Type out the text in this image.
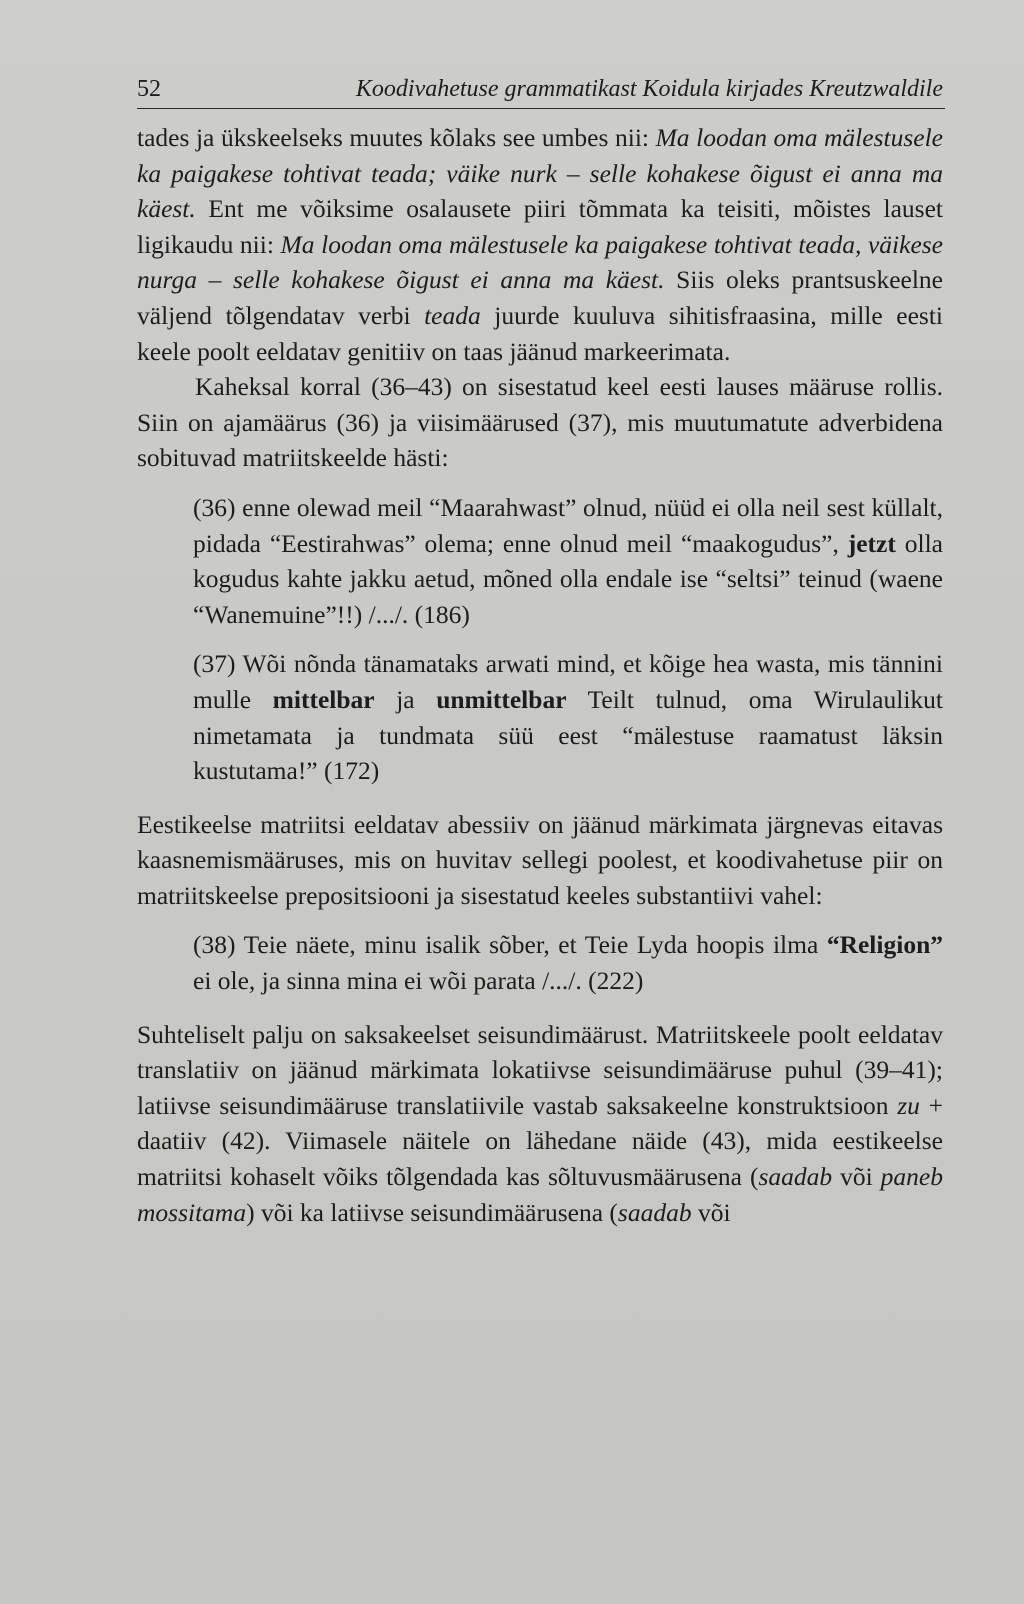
52	Koodivahetuse grammatikast Koidula kirjades Kreutzwaldile

tades ja ükskeelseks muutes kõlaks see umbes nii: Ma loodan oma mälestusele ka paigakese tohtivat teada; väike nurk – selle kohakese õigust ei anna ma käest. Ent me võiksime osalausete piiri tõmmata ka teisiti, mõistes lauset ligikaudu nii: Ma loodan oma mälestusele ka paigakese tohtivat teada, väikese nurga – selle kohakese õigust ei anna ma käest. Siis oleks prantsuskeelne väljend tõlgendatav verbi teada juurde kuuluva sihitisfraasina, mille eesti keele poolt eeldatav genitiiv on taas jäänud markeerimata.

Kaheksal korral (36–43) on sisestatud keel eesti lauses määruse rollis. Siin on ajamäärus (36) ja viisimäärused (37), mis muutumatute adverbidena sobituvad matriitskeelde hästi:

(36) enne olewad meil “Maarahwast” olnud, nüüd ei olla neil sest küllalt, pidada “Eestirahwas” olema; enne olnud meil “maakogudus”, jetzt olla kogudus kahte jakku aetud, mõned olla endale ise “seltsi” teinud (waene “Wanemuine”!!) /.../. (186)

(37) Wõi nõnda tänamataks arwati mind, et kõige hea wasta, mis tännini mulle mittelbar ja unmittelbar Teilt tulnud, oma Wirulaulikut nimetamata ja tundmata süü eest “mälestuse raamatust läksin kustutama!” (172)

Eestikeelse matriitsi eeldatav abessiiv on jäänud märkimata järgnevas eitavas kaasnemismääruses, mis on huvitav sellegi poolest, et koodivahetuse piir on matriitskeelse prepositsiooni ja sisestatud keeles substantiivi vahel:

(38) Teie näete, minu isalik sõber, et Teie Lyda hoopis ilma “Religion” ei ole, ja sinna mina ei wõi parata /.../. (222)

Suhteliselt palju on saksakeelset seisundimäärust. Matriitskeele poolt eeldatav translatiiv on jäänud märkimata lokatiivse seisundimääruse puhul (39–41); latiivse seisundimääruse translatiivile vastab saksakeelne konstruktsioon zu + daatiiv (42). Viimasele näitele on lähedane näide (43), mida eestikeelse matriitsi kohaselt võiks tõlgendada kas sõltuvusmäärusena (saadab või paneb mossitama) või ka latiivse seisundimäärusena (saadab või
